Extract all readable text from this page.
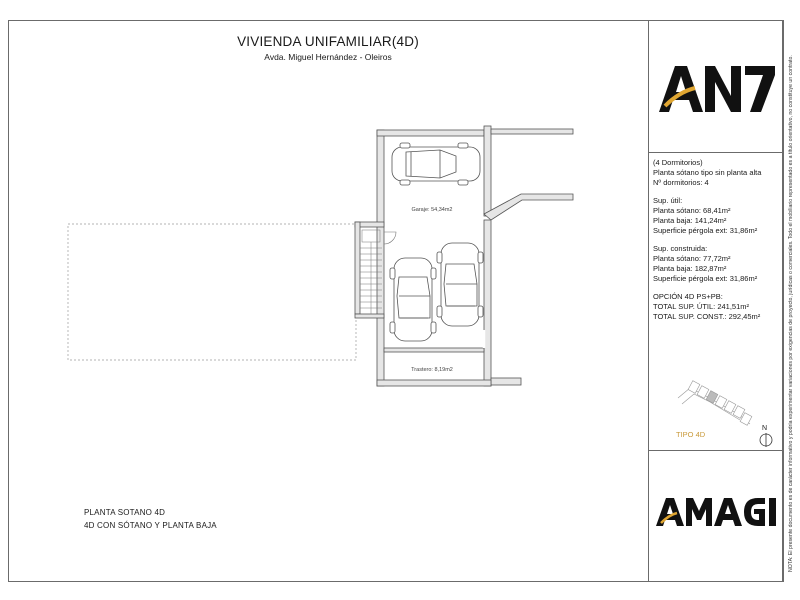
VIVIENDA UNIFAMILIAR(4D)
Avda. Miguel Hernández - Oleiros
Garaje: 54,34m2
Trastero: 8,19m2
PLANTA SOTANO 4D
4D CON SÓTANO Y PLANTA BAJA

(4 Dormitorios)

Planta sótano tipo sin planta alta

Nº dormitorios: 4

Sup. útil:

Planta sótano: 68,41m²

Planta baja: 141,24m²

Superficie pérgola ext: 31,86m²

Sup. construida:

Planta sótano: 77,72m²

Planta baja: 182,87m²

Superficie pérgola ext: 31,86m²

OPCIÓN 4D PS+PB:

TOTAL SUP. ÚTIL: 241,51m²

TOTAL SUP. CONST.: 292,45m²

TIPO 4D
N	NOTA: El presente documento es de carácter informativo y podría experimentar variaciones por exigencias de proyecto, jurídicas o comerciales. Todo el mobiliario representado es a título orientativo, no constituye un contrato.
